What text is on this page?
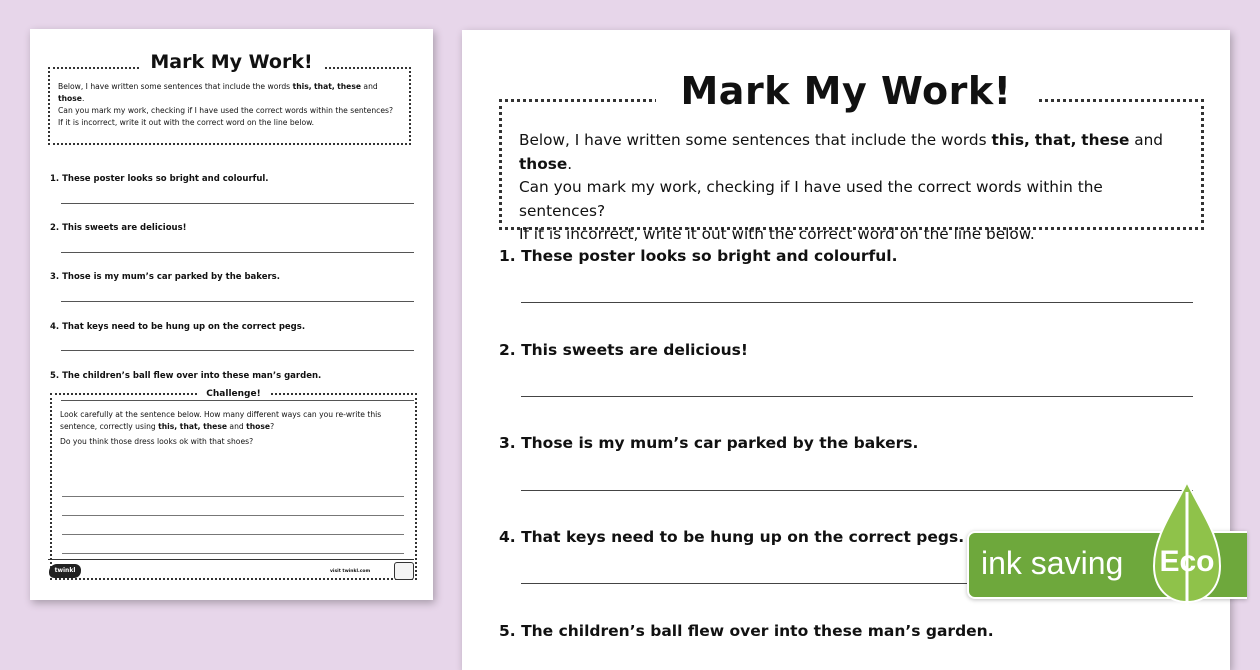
Mark My Work!
Below, I have written some sentences that include the words this, that, these and those.
Can you mark my work, checking if I have used the correct words within the sentences?
If it is incorrect, write it out with the correct word on the line below.
1. These poster looks so bright and colourful.
2. This sweets are delicious!
3. Those is my mum’s car parked by the bakers.
4. That keys need to be hung up on the correct pegs.
5. The children’s ball flew over into these man’s garden.
Challenge!
Look carefully at the sentence below. How many different ways can you re-write this sentence, correctly using this, that, these and those?
Do you think those dress looks ok with that shoes?
twinkl	visit twinkl.com
Mark My Work!
Below, I have written some sentences that include the words this, that, these and those.
Can you mark my work, checking if I have used the correct words within the sentences?
If it is incorrect, write it out with the correct word on the line below.
1. These poster looks so bright and colourful.
2. This sweets are delicious!
3. Those is my mum’s car parked by the bakers.
4. That keys need to be hung up on the correct pegs.
5. The children’s ball flew over into these man’s garden.
ink saving Eco
